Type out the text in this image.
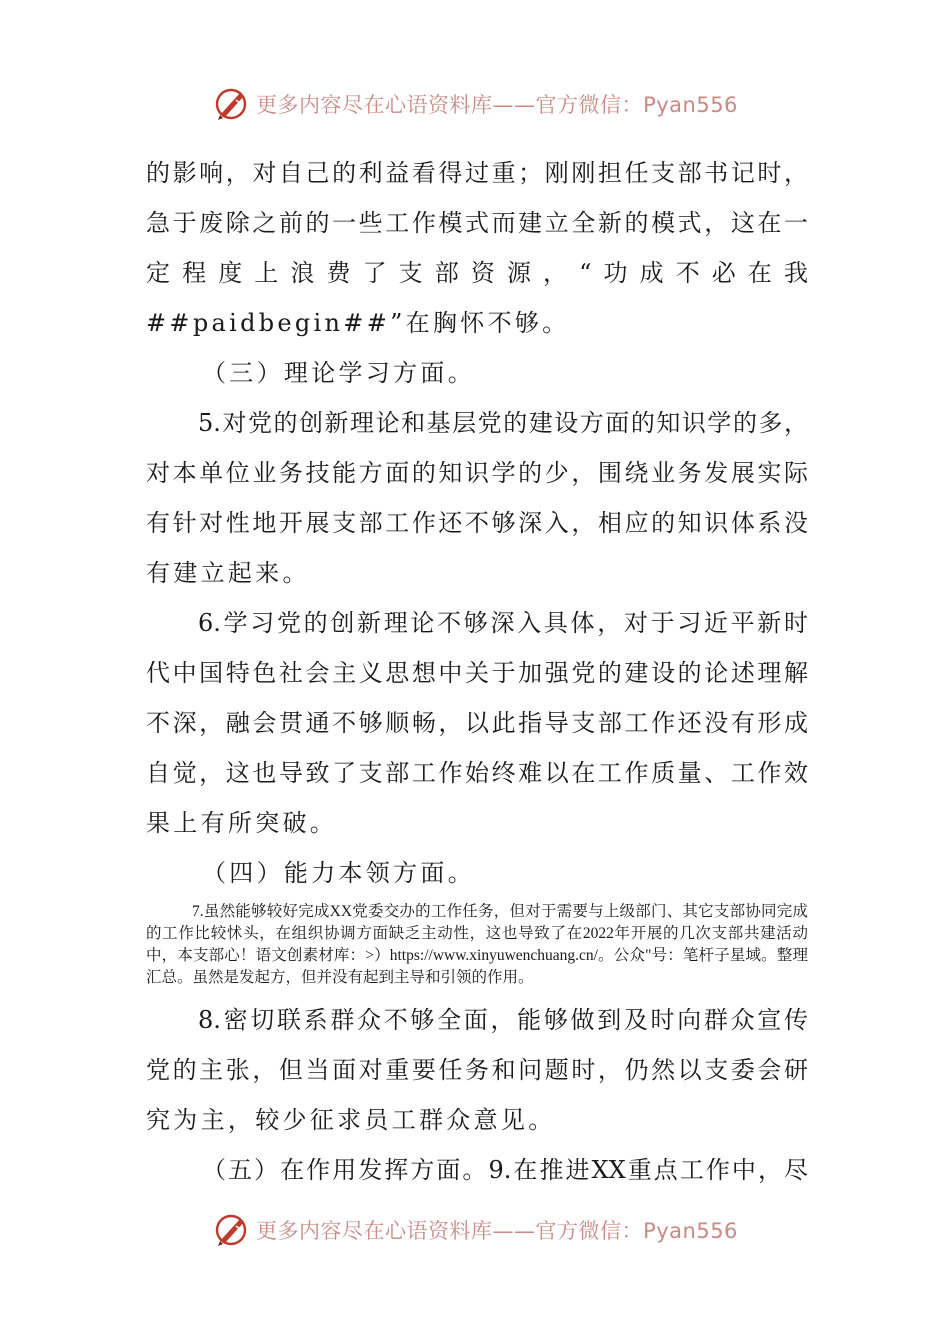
更多内容尽在心语资料库——官方微信：Pyan556
的影响，对自己的利益看得过重；刚刚担任支部书记时，
急于废除之前的一些工作模式而建立全新的模式，这在一
定程度上浪费了支部资源，“功成不必在我
##paidbegin##”在胸怀不够。
（三）理论学习方面。
5.对党的创新理论和基层党的建设方面的知识学的多，
对本单位业务技能方面的知识学的少，围绕业务发展实际
有针对性地开展支部工作还不够深入，相应的知识体系没
有建立起来。
6.学习党的创新理论不够深入具体，对于习近平新时
代中国特色社会主义思想中关于加强党的建设的论述理解
不深，融会贯通不够顺畅，以此指导支部工作还没有形成
自觉，这也导致了支部工作始终难以在工作质量、工作效
果上有所突破。
（四）能力本领方面。

7.虽然能够较好完成XX党委交办的工作任务，但对于需要与上级部门、其它支部协同完成的工作比较怵头，在组织协调方面缺乏主动性，这也导致了在2022年开展的几次支部共建活动中，本支部心！语文创素材库：>）https://www.xinyuwenchuang.cn/。公众"号：笔杆子星域。整理汇总。虽然是发起方，但并没有起到主导和引领的作用。

8.密切联系群众不够全面，能够做到及时向群众宣传
党的主张，但当面对重要任务和问题时，仍然以支委会研
究为主，较少征求员工群众意见。
（五）在作用发挥方面。9.在推进XX重点工作中，尽
更多内容尽在心语资料库——官方微信：Pyan556
